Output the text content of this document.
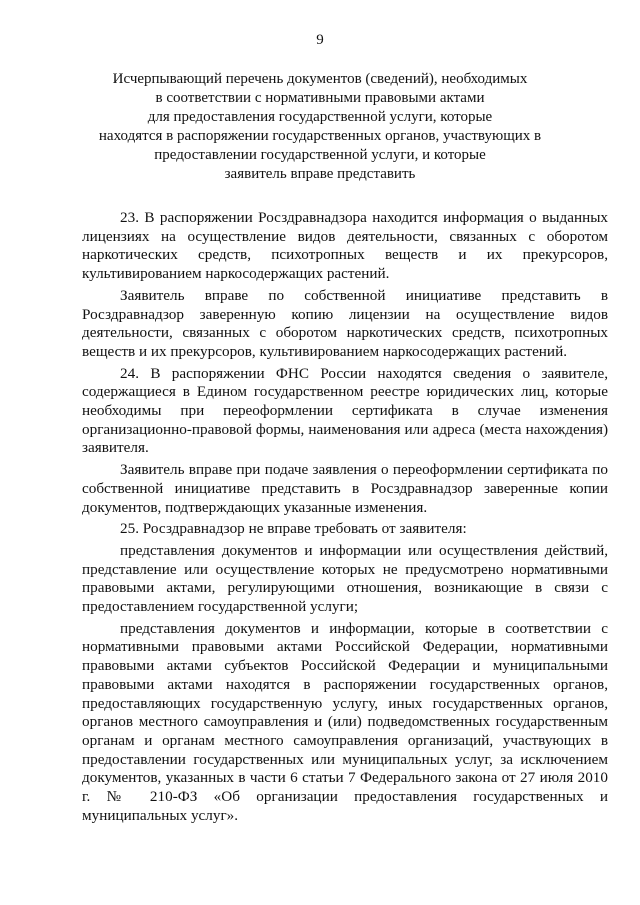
9
Исчерпывающий перечень документов (сведений), необходимых
в соответствии с нормативными правовыми актами
для предоставления государственной услуги, которые
находятся в распоряжении государственных органов, участвующих в
предоставлении государственной услуги, и которые
заявитель вправе представить

23. В распоряжении Росздравнадзора находится информация о выданных лицензиях на осуществление видов деятельности, связанных с оборотом наркотических средств, психотропных веществ и их прекурсоров, культивированием наркосодержащих растений.

Заявитель вправе по собственной инициативе представить в Росздравнадзор заверенную копию лицензии на осуществление видов деятельности, связанных с оборотом наркотических средств, психотропных веществ и их прекурсоров, культивированием наркосодержащих растений.

24. В распоряжении ФНС России находятся сведения о заявителе, содержащиеся в Едином государственном реестре юридических лиц, которые необходимы при переоформлении сертификата в случае изменения организационно-правовой формы, наименования или адреса (места нахождения) заявителя.

Заявитель вправе при подаче заявления о переоформлении сертификата по собственной инициативе представить в Росздравнадзор заверенные копии документов, подтверждающих указанные изменения.

25. Росздравнадзор не вправе требовать от заявителя:

представления документов и информации или осуществления действий, представление или осуществление которых не предусмотрено нормативными правовыми актами, регулирующими отношения, возникающие в связи с предоставлением государственной услуги;

представления документов и информации, которые в соответствии с нормативными правовыми актами Российской Федерации, нормативными правовыми актами субъектов Российской Федерации и муниципальными правовыми актами находятся в распоряжении государственных органов, предоставляющих государственную услугу, иных государственных органов, органов местного самоуправления и (или) подведомственных государственным органам и органам местного самоуправления организаций, участвующих в предоставлении государственных или муниципальных услуг, за исключением документов, указанных в части 6 статьи 7 Федерального закона от 27 июля 2010 г. № 210-ФЗ «Об организации предоставления государственных и муниципальных услуг».
